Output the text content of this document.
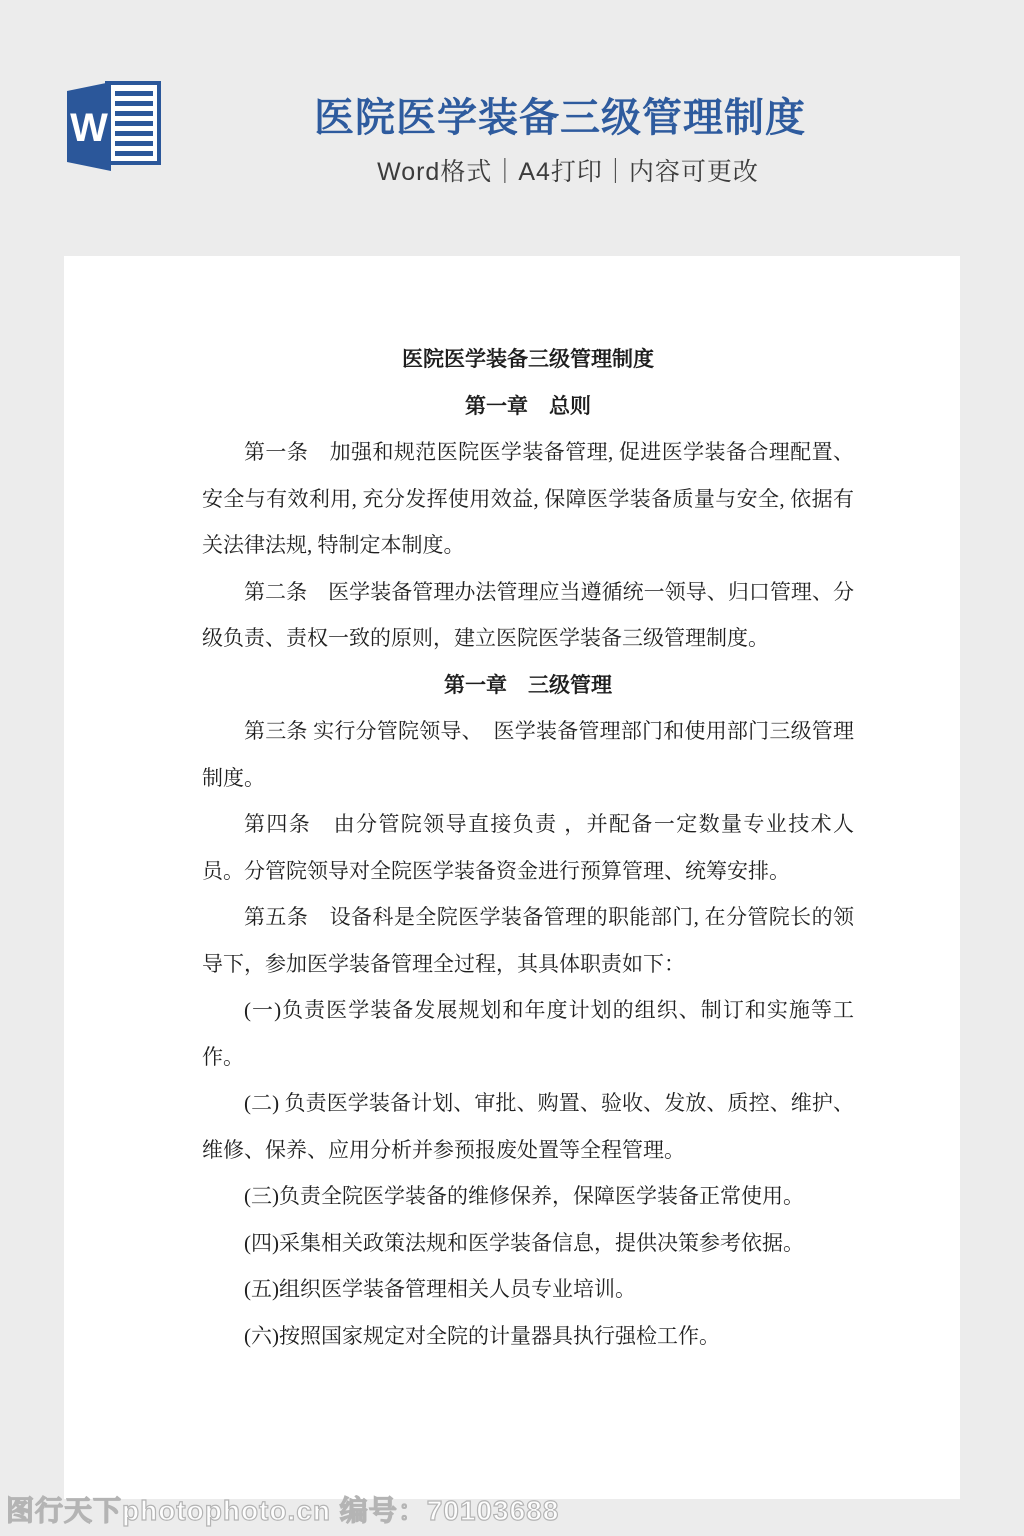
W	医院医学装备三级管理制度
Word格式｜A4打印｜内容可更改

医院医学装备三级管理制度

第一章　总则

第一条　加强和规范医院医学装备管理, 促进医学装备合理配置、安全与有效利用, 充分发挥使用效益, 保障医学装备质量与安全, 依据有关法律法规, 特制定本制度。

第二条　医学装备管理办法管理应当遵循统一领导、归口管理、分级负责、责权一致的原则，建立医院医学装备三级管理制度。

第一章　三级管理

第三条 实行分管院领导、　医学装备管理部门和使用部门三级管理制度。

第四条　由分管院领导直接负责 ，并配备一定数量专业技术人员。分管院领导对全院医学装备资金进行预算管理、统筹安排。

第五条　设备科是全院医学装备管理的职能部门, 在分管院长的领导下，参加医学装备管理全过程，其具体职责如下：

(一)负责医学装备发展规划和年度计划的组织、制订和实施等工作。

(二) 负责医学装备计划、审批、购置、验收、发放、质控、维护、维修、保养、应用分析并参预报废处置等全程管理。

(三)负责全院医学装备的维修保养，保障医学装备正常使用。

(四)采集相关政策法规和医学装备信息，提供决策参考依据。

(五)组织医学装备管理相关人员专业培训。

(六)按照国家规定对全院的计量器具执行强检工作。

图行天下photophoto.cn 编号：70103688
